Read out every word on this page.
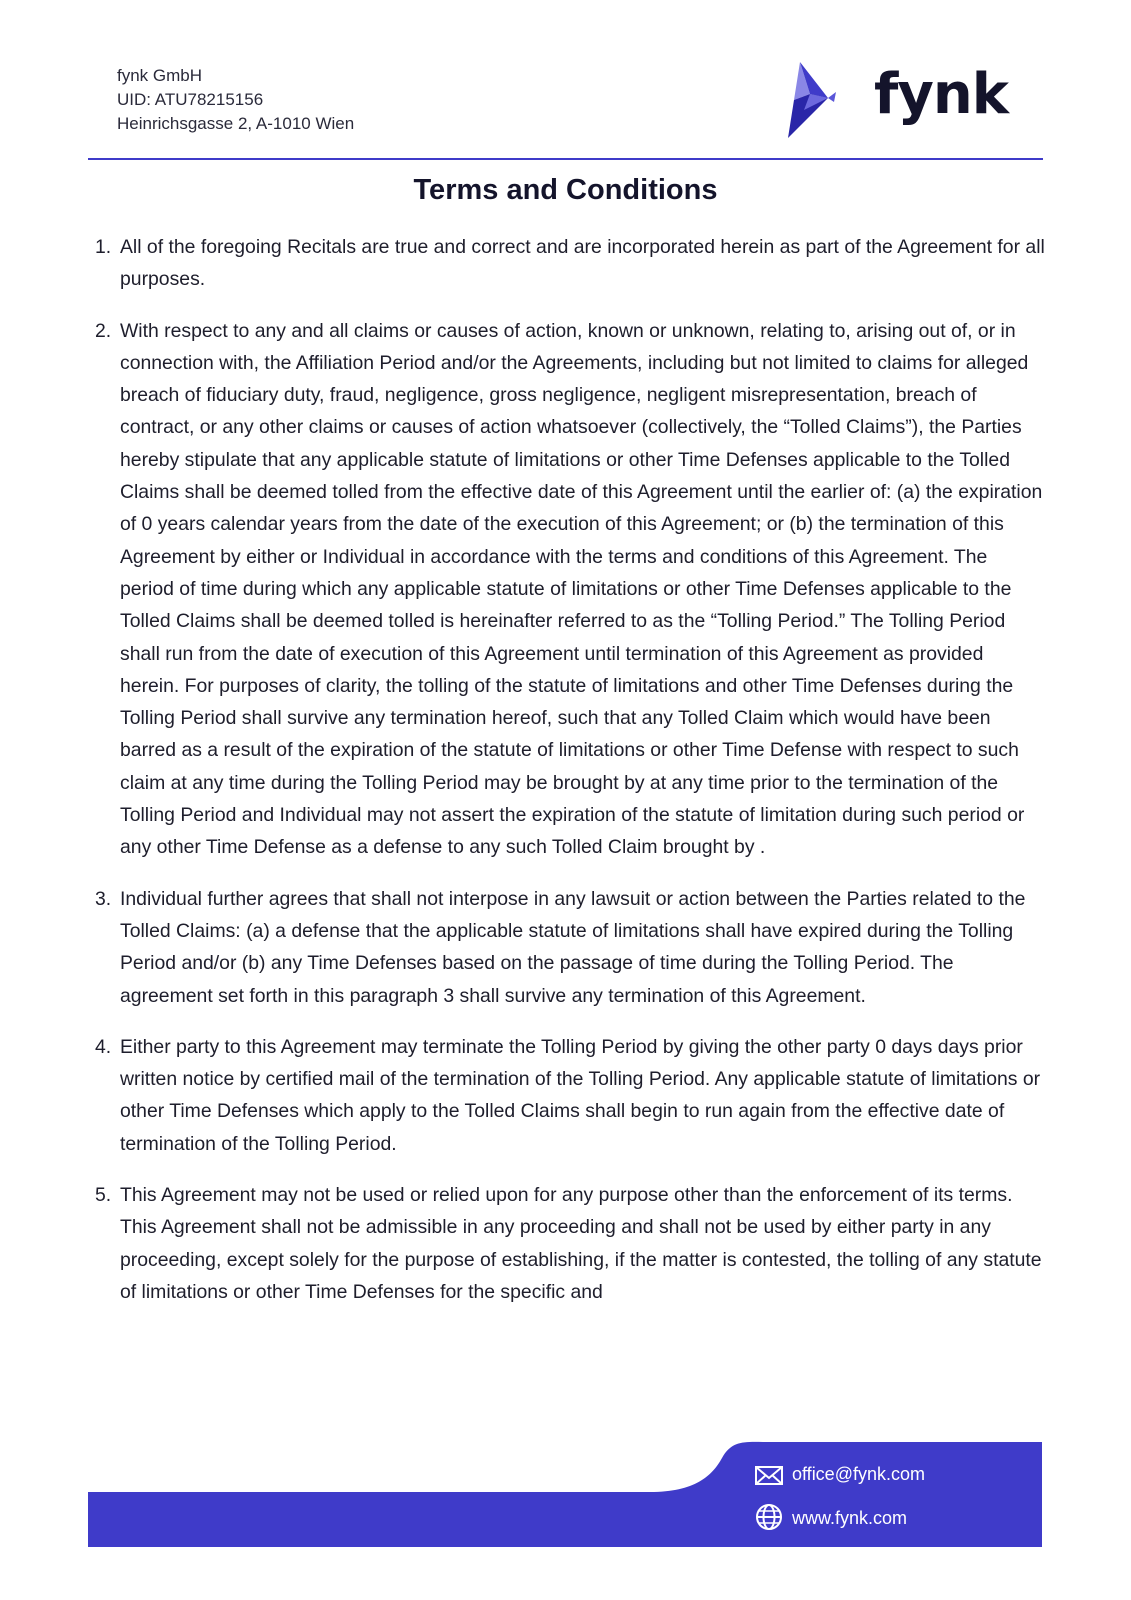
fynk GmbH
UID: ATU78215156
Heinrichsgasse 2, A-1010 Wien	fynk
Terms and Conditions
1. All of the foregoing Recitals are true and correct and are incorporated herein as part of the Agreement for all purposes.
2. With respect to any and all claims or causes of action, known or unknown, relating to, arising out of, or in connection with, the Affiliation Period and/or the Agreements, including but not limited to claims for alleged breach of fiduciary duty, fraud, negligence, gross negligence, negligent misrepresentation, breach of contract, or any other claims or causes of action whatsoever (collectively, the “Tolled Claims”), the Parties hereby stipulate that any applicable statute of limitations or other Time Defenses applicable to the Tolled Claims shall be deemed tolled from the effective date of this Agreement until the earlier of: (a) the expiration of 0 years calendar years from the date of the execution of this Agreement; or (b) the termination of this Agreement by either or Individual in accordance with the terms and conditions of this Agreement. The period of time during which any applicable statute of limitations or other Time Defenses applicable to the Tolled Claims shall be deemed tolled is hereinafter referred to as the “Tolling Period.” The Tolling Period shall run from the date of execution of this Agreement until termination of this Agreement as provided herein. For purposes of clarity, the tolling of the statute of limitations and other Time Defenses during the Tolling Period shall survive any termination hereof, such that any Tolled Claim which would have been barred as a result of the expiration of the statute of limitations or other Time Defense with respect to such claim at any time during the Tolling Period may be brought by at any time prior to the termination of the Tolling Period and Individual may not assert the expiration of the statute of limitation during such period or any other Time Defense as a defense to any such Tolled Claim brought by .
3. Individual further agrees that shall not interpose in any lawsuit or action between the Parties related to the Tolled Claims: (a) a defense that the applicable statute of limitations shall have expired during the Tolling Period and/or (b) any Time Defenses based on the passage of time during the Tolling Period. The agreement set forth in this paragraph 3 shall survive any termination of this Agreement.
4. Either party to this Agreement may terminate the Tolling Period by giving the other party 0 days days prior written notice by certified mail of the termination of the Tolling Period. Any applicable statute of limitations or other Time Defenses which apply to the Tolled Claims shall begin to run again from the effective date of termination of the Tolling Period.
5. This Agreement may not be used or relied upon for any purpose other than the enforcement of its terms. This Agreement shall not be admissible in any proceeding and shall not be used by either party in any proceeding, except solely for the purpose of establishing, if the matter is contested, the tolling of any statute of limitations or other Time Defenses for the specific and
office@fynk.com
www.fynk.com
